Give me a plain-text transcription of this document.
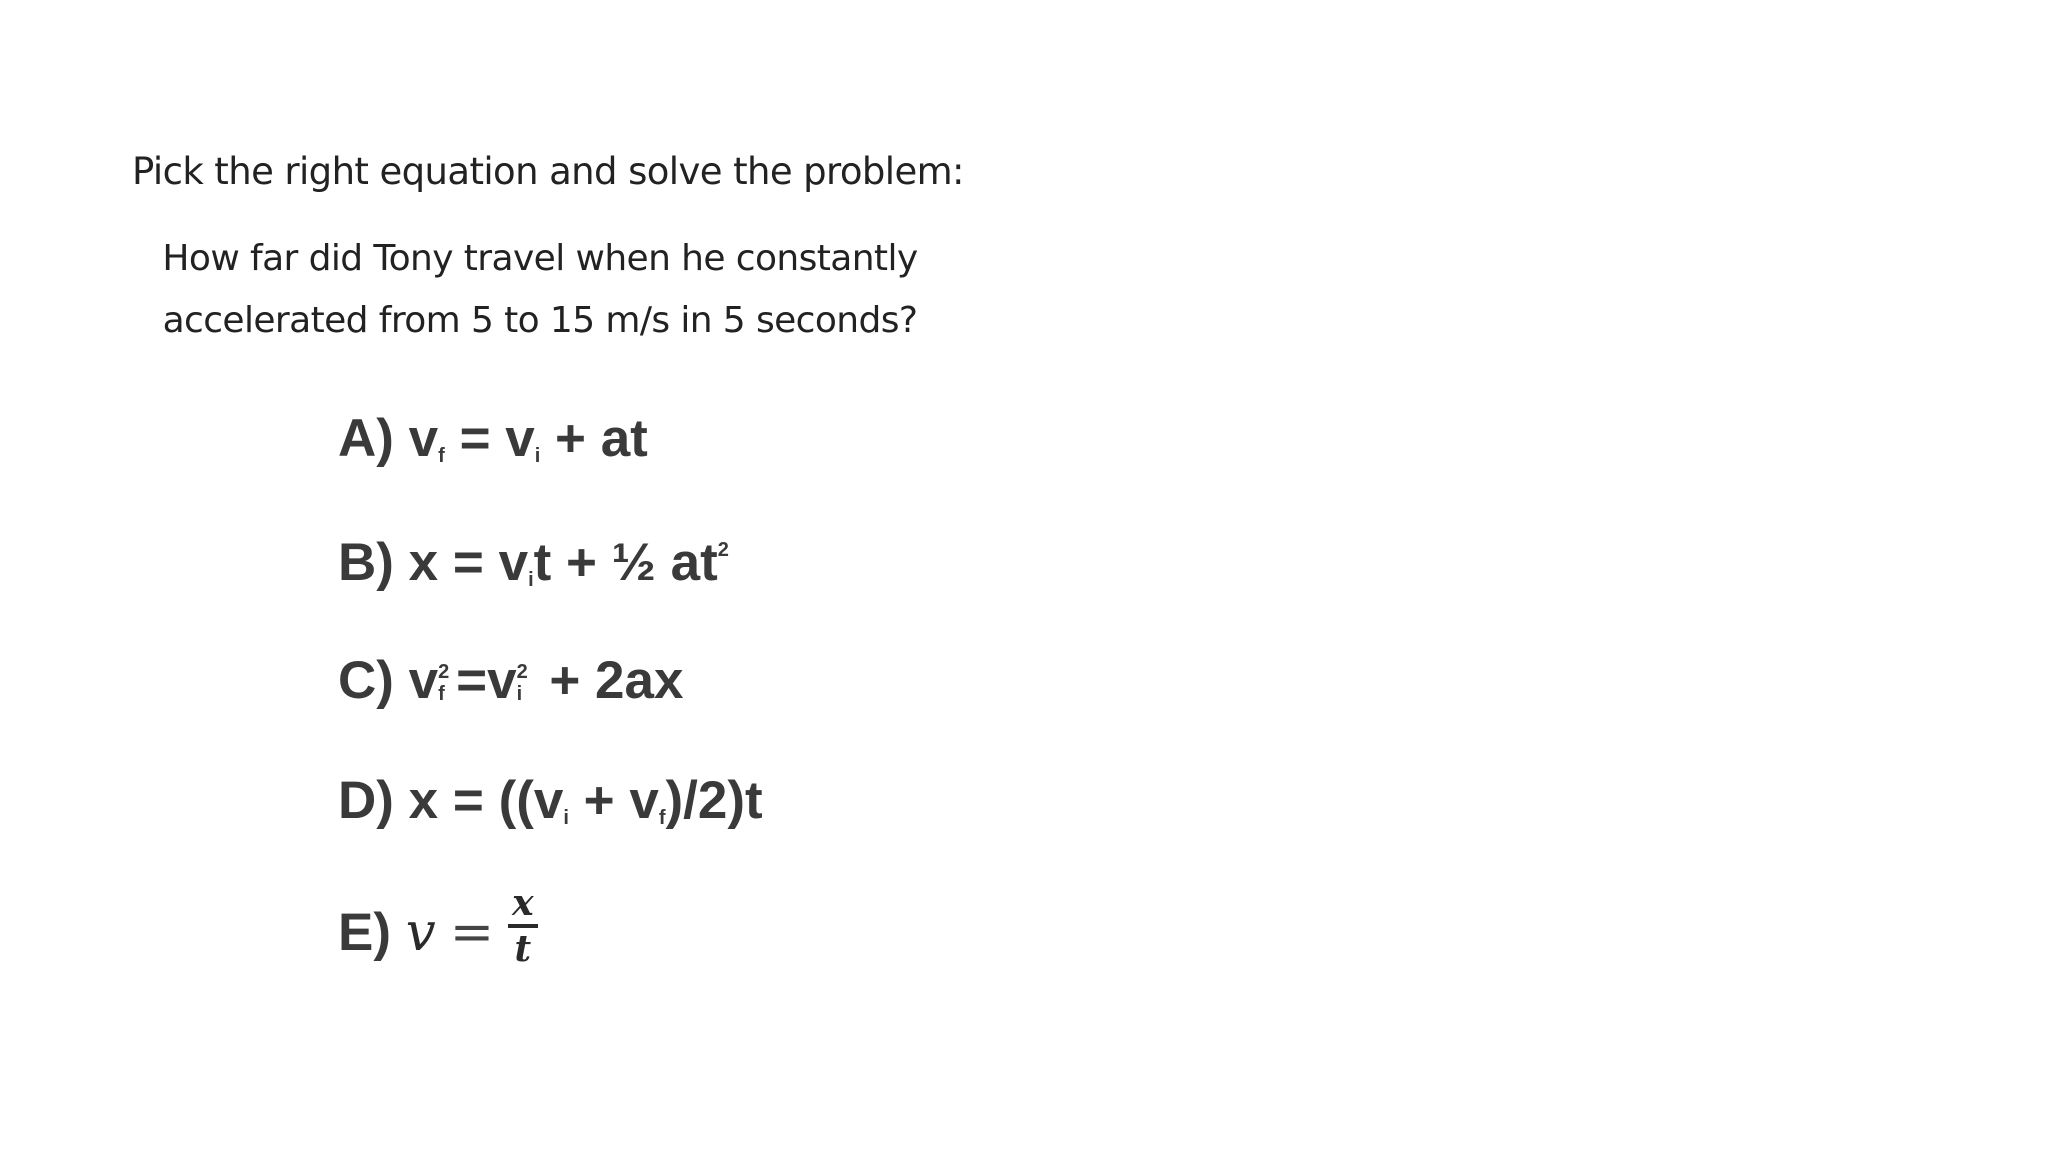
Pick the right equation and solve the problem:
How far did Tony travel when he constantly
accelerated from 5 to 15 m/s in 5 seconds?
A) $v_f = v_i$ + at
B) $x = v_it$ + ½ $at^2$
C) v 2
f =v 2
i + 2ax
D) $x = ((v_i + v_f)/2)t$
E) $v = \frac{x}{t}$
